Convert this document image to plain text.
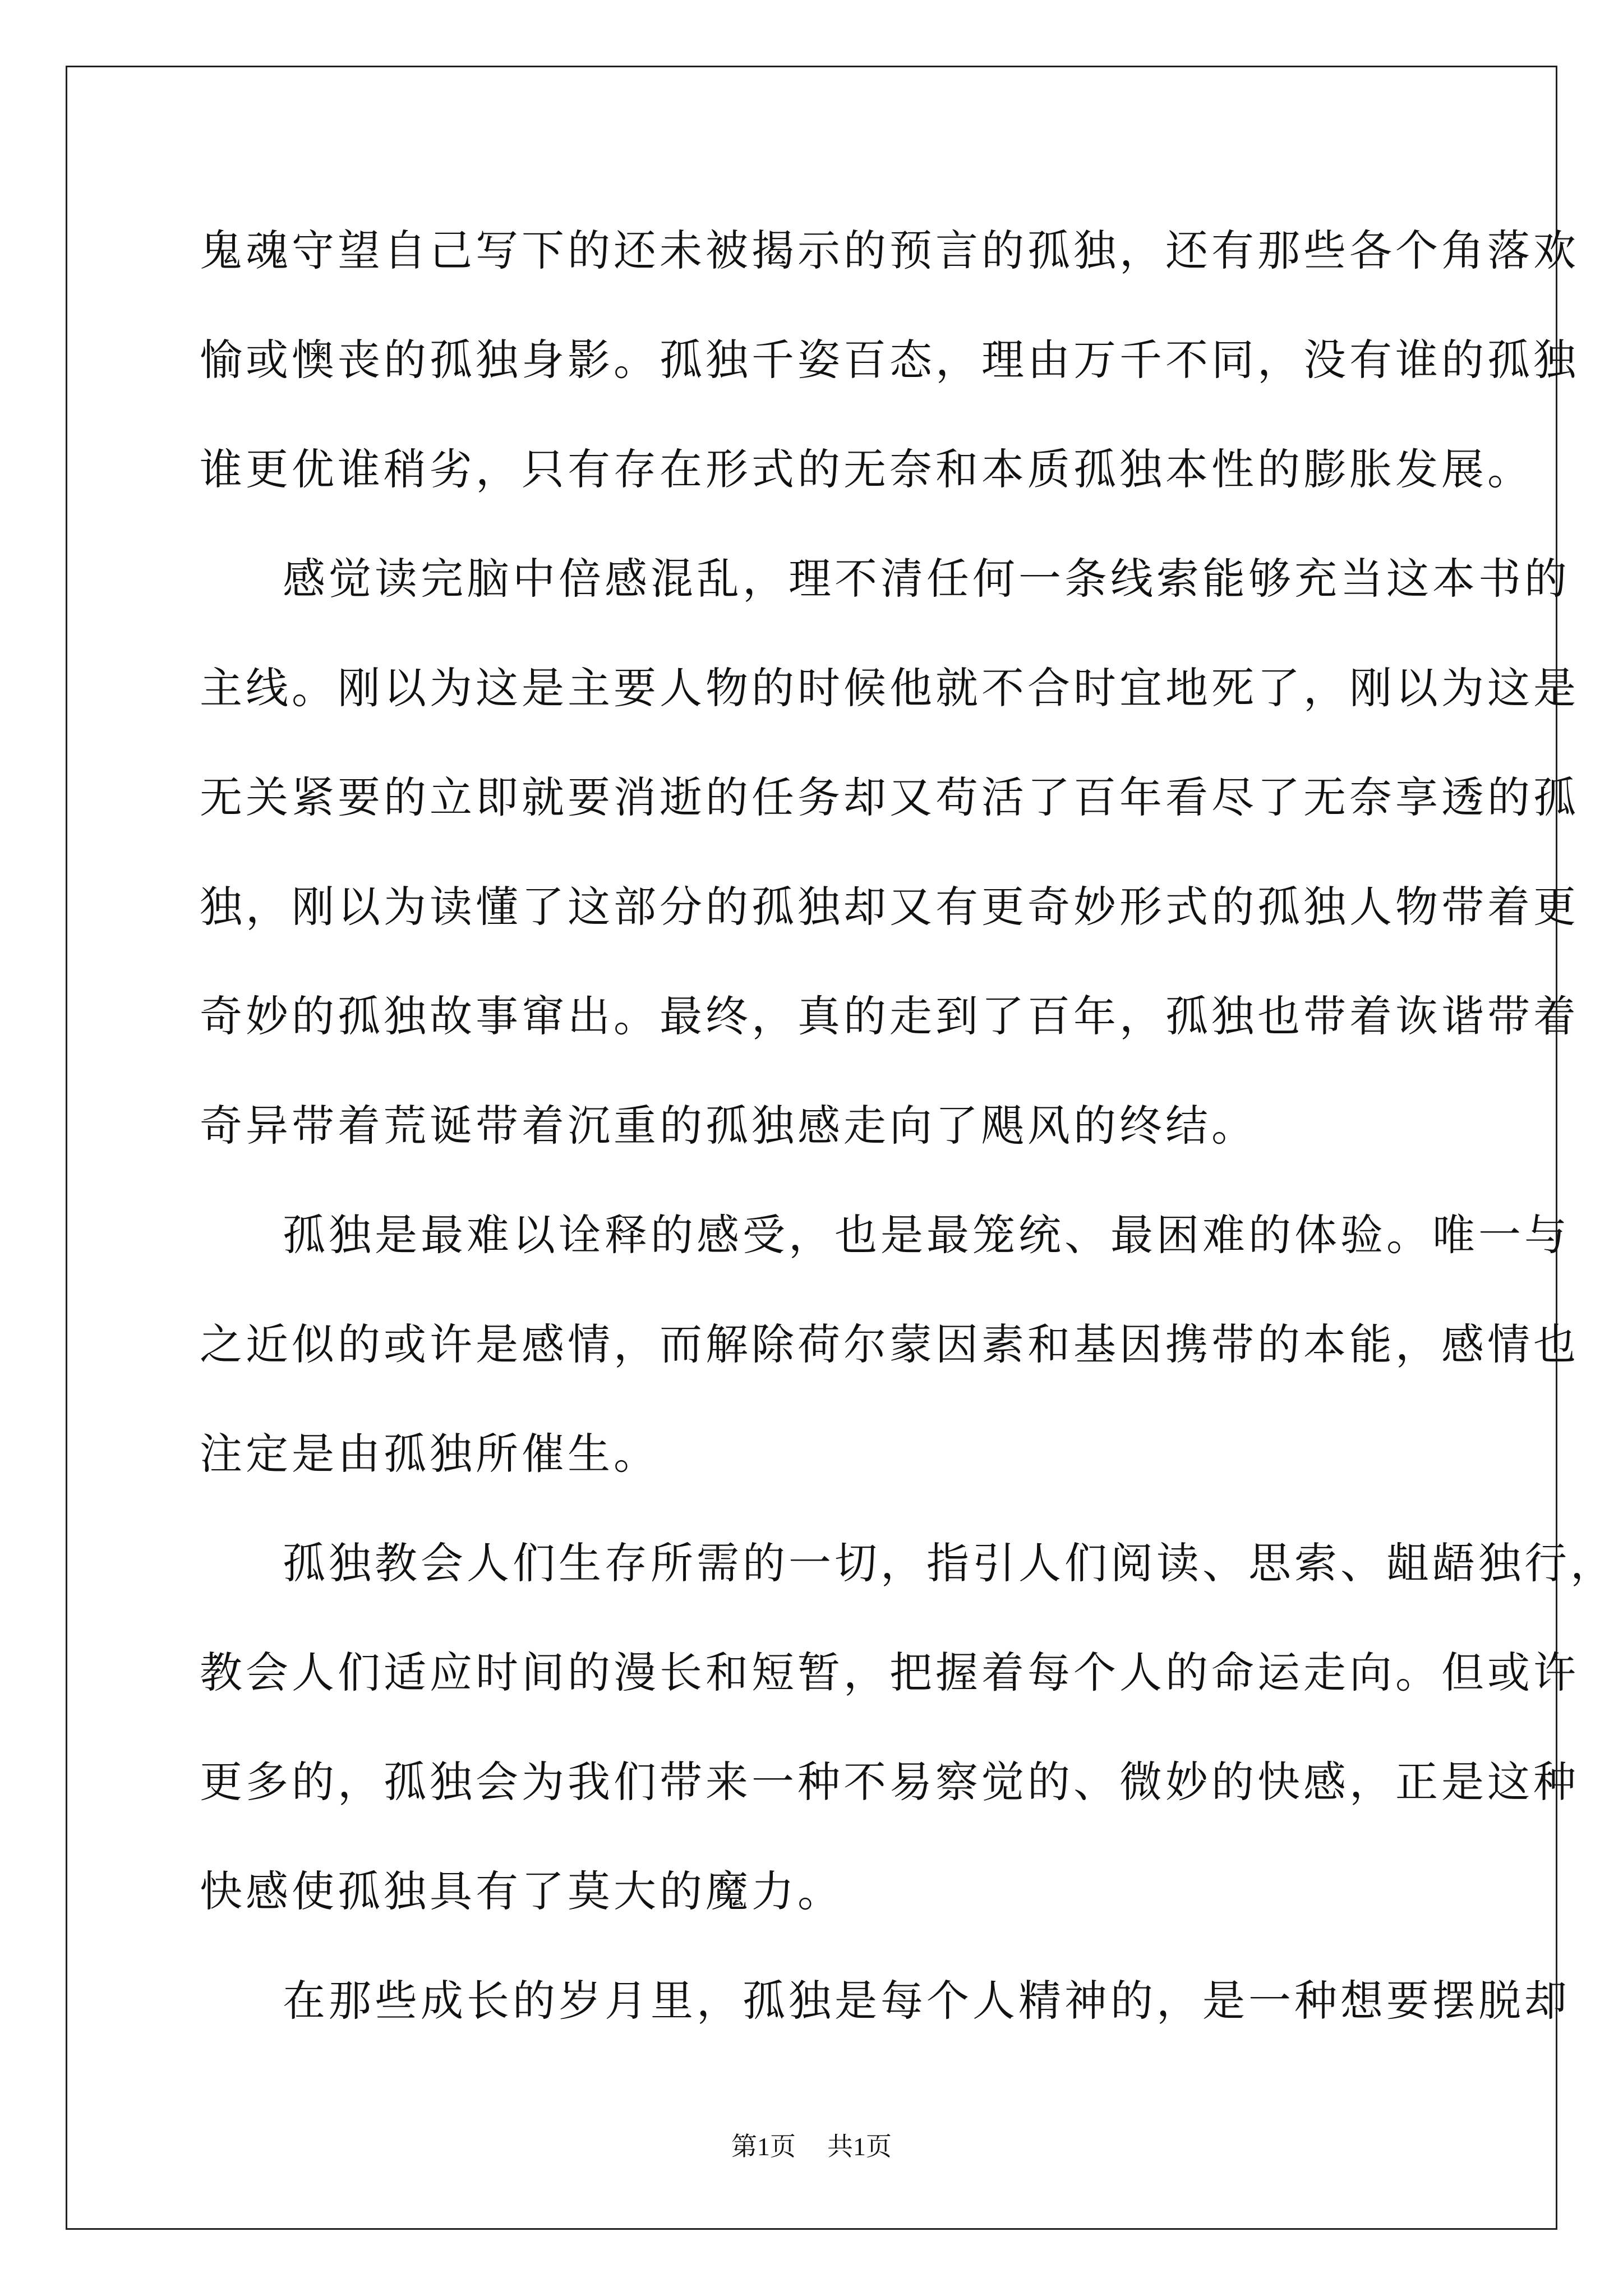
鬼魂守望自己写下的还未被揭示的预言的孤独，还有那些各个角落欢
愉或懊丧的孤独身影。孤独千姿百态，理由万千不同，没有谁的孤独
谁更优谁稍劣，只有存在形式的无奈和本质孤独本性的膨胀发展。
感觉读完脑中倍感混乱，理不清任何一条线索能够充当这本书的
主线。刚以为这是主要人物的时候他就不合时宜地死了，刚以为这是
无关紧要的立即就要消逝的任务却又苟活了百年看尽了无奈享透的孤
独，刚以为读懂了这部分的孤独却又有更奇妙形式的孤独人物带着更
奇妙的孤独故事窜出。最终，真的走到了百年，孤独也带着诙谐带着
奇异带着荒诞带着沉重的孤独感走向了飓风的终结。
孤独是最难以诠释的感受，也是最笼统、最困难的体验。唯一与
之近似的或许是感情，而解除荷尔蒙因素和基因携带的本能，感情也
注定是由孤独所催生。
孤独教会人们生存所需的一切，指引人们阅读、思索、龃龉独行，
教会人们适应时间的漫长和短暂，把握着每个人的命运走向。但或许
更多的，孤独会为我们带来一种不易察觉的、微妙的快感，正是这种
快感使孤独具有了莫大的魔力。
在那些成长的岁月里，孤独是每个人精神的，是一种想要摆脱却
第1页 共1页
